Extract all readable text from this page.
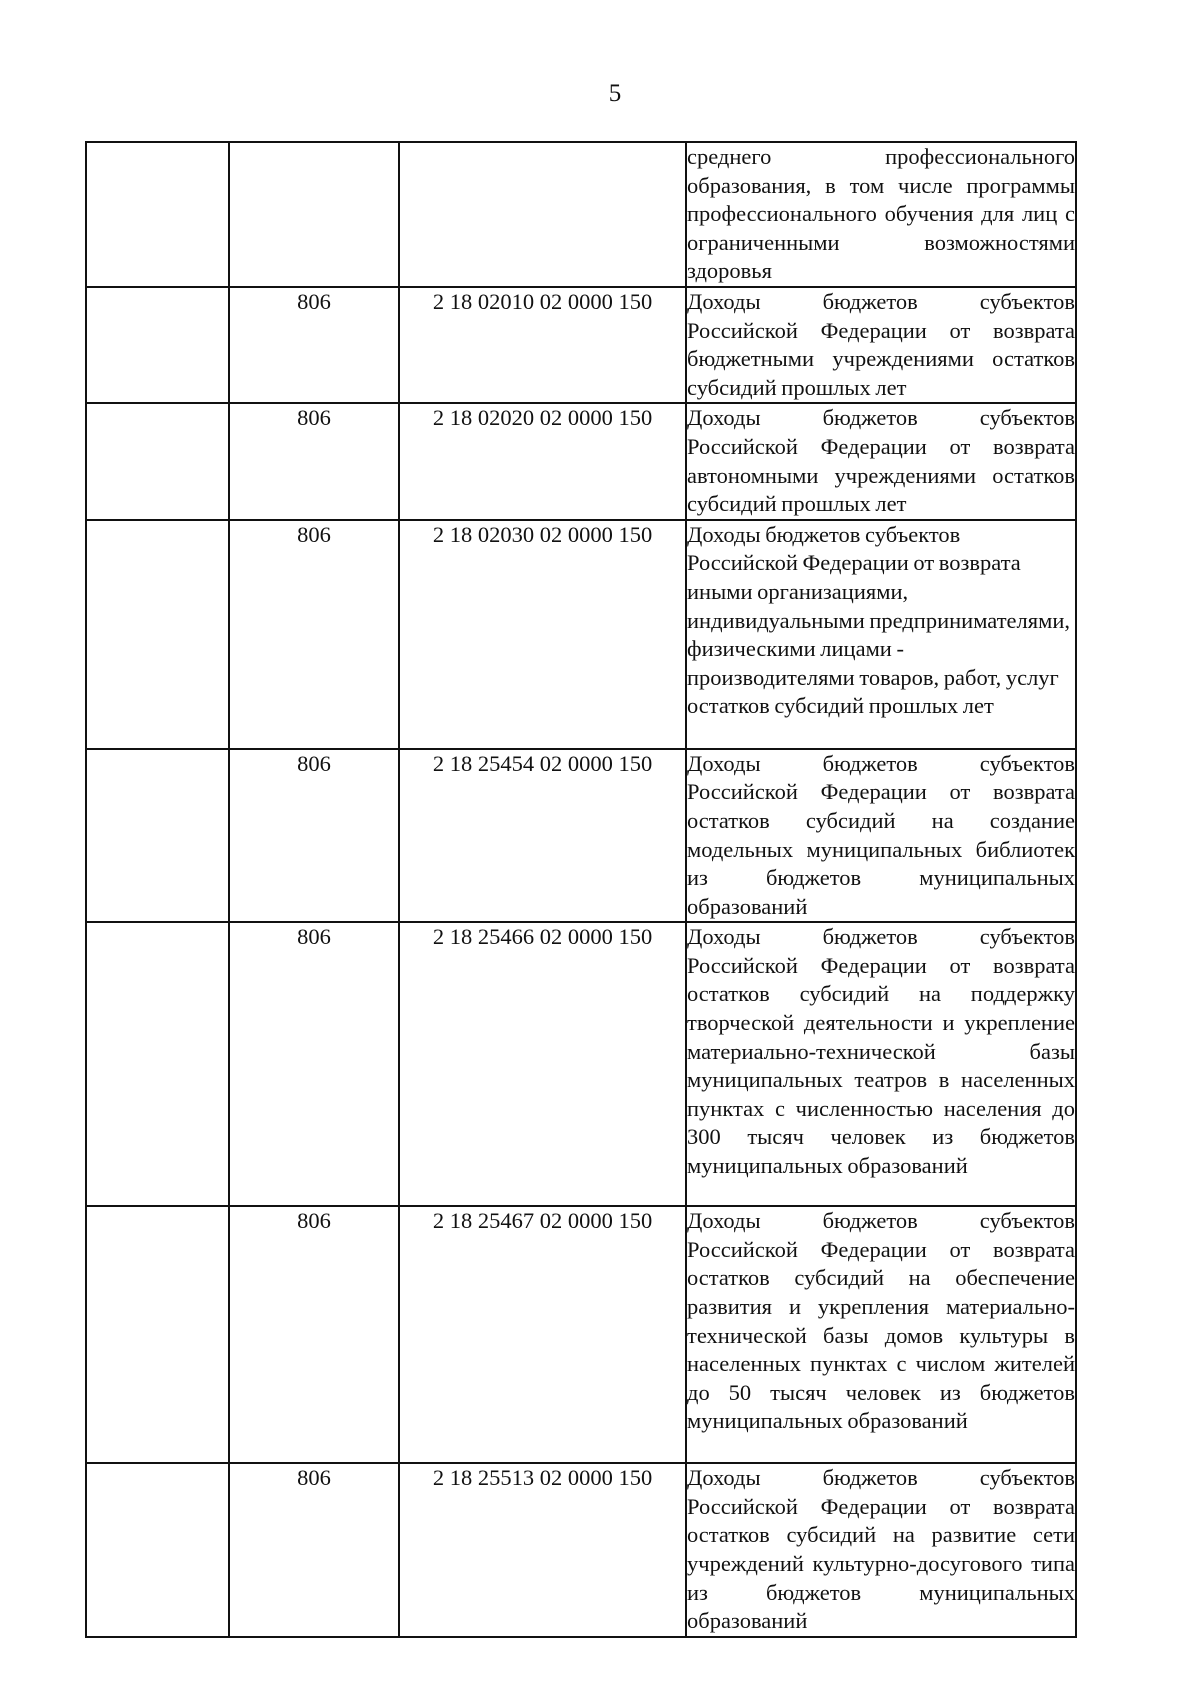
5

			среднего профессионального образования, в том числе программы профессионального обучения для лиц с ограниченными возможностями здоровья

	806	2 18 02010 02 0000 150	Доходы бюджетов субъектов Российской Федерации от возврата бюджетными учреждениями остатков субсидий прошлых лет

	806	2 18 02020 02 0000 150	Доходы бюджетов субъектов Российской Федерации от возврата автономными учреждениями остатков субсидий прошлых лет

	806	2 18 02030 02 0000 150	Доходы бюджетов субъектов Российской Федерации от возврата иными организациями, индивидуальными предпринимателями, физическими лицами - производителями товаров, работ, услуг остатков субсидий прошлых лет

	806	2 18 25454 02 0000 150	Доходы бюджетов субъектов Российской Федерации от возврата остатков субсидий на создание модельных муниципальных библиотек из бюджетов муниципальных образований

	806	2 18 25466 02 0000 150	Доходы бюджетов субъектов Российской Федерации от возврата остатков субсидий на поддержку творческой деятельности и укрепление материально-технической базы муниципальных театров в населенных пунктах с численностью населения до 300 тысяч человек из бюджетов муниципальных образований

	806	2 18 25467 02 0000 150	Доходы бюджетов субъектов Российской Федерации от возврата остатков субсидий на обеспечение развития и укрепления материально-технической базы домов культуры в населенных пунктах с числом жителей до 50 тысяч человек из бюджетов муниципальных образований

	806	2 18 25513 02 0000 150	Доходы бюджетов субъектов Российской Федерации от возврата остатков субсидий на развитие сети учреждений культурно-досугового типа из бюджетов муниципальных образований
